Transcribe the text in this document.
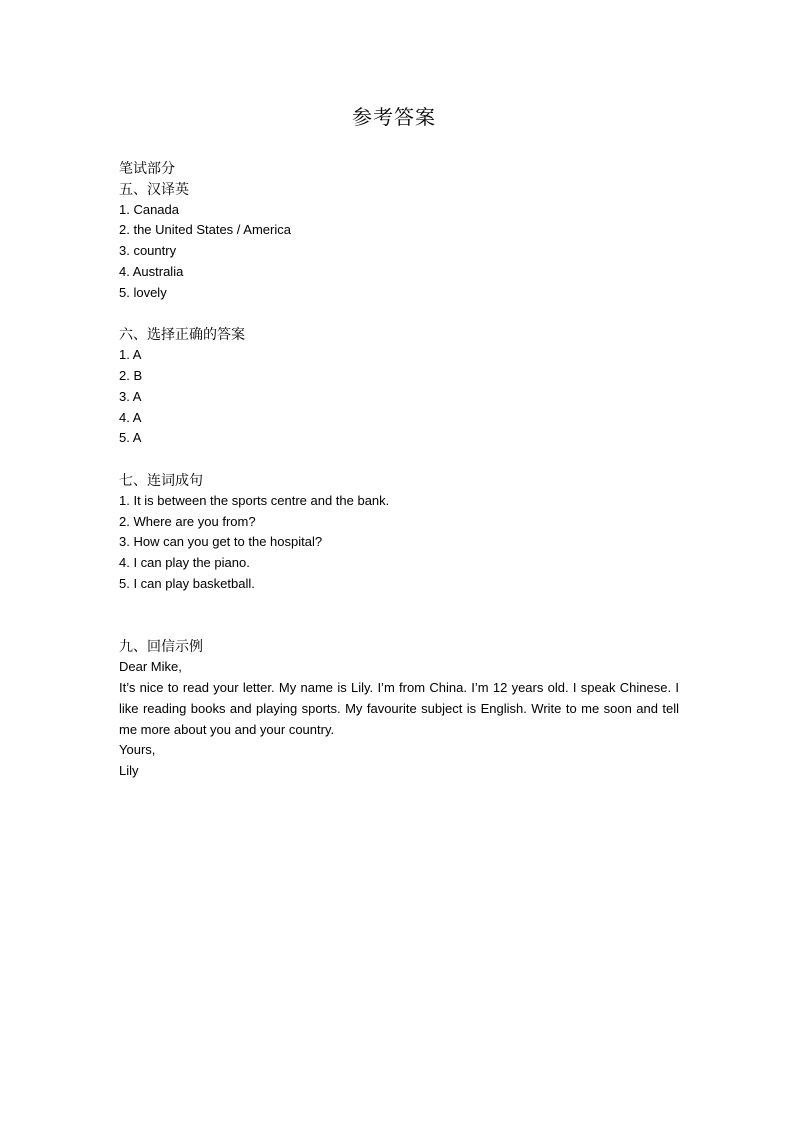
参考答案
笔试部分
五、汉译英
1. Canada
2. the United States / America
3. country
4. Australia
5. lovely
六、选择正确的答案
1. A
2. B
3. A
4. A
5. A
七、连词成句
1. It is between the sports centre and the bank.
2. Where are you from?
3. How can you get to the hospital?
4. I can play the piano.
5. I can play basketball.
九、回信示例
Dear Mike,
It’s nice to read your letter. My name is Lily. I’m from China. I’m 12 years old. I speak Chinese. I like reading books and playing sports. My favourite subject is English. Write to me soon and tell me more about you and your country.
Yours,
Lily
